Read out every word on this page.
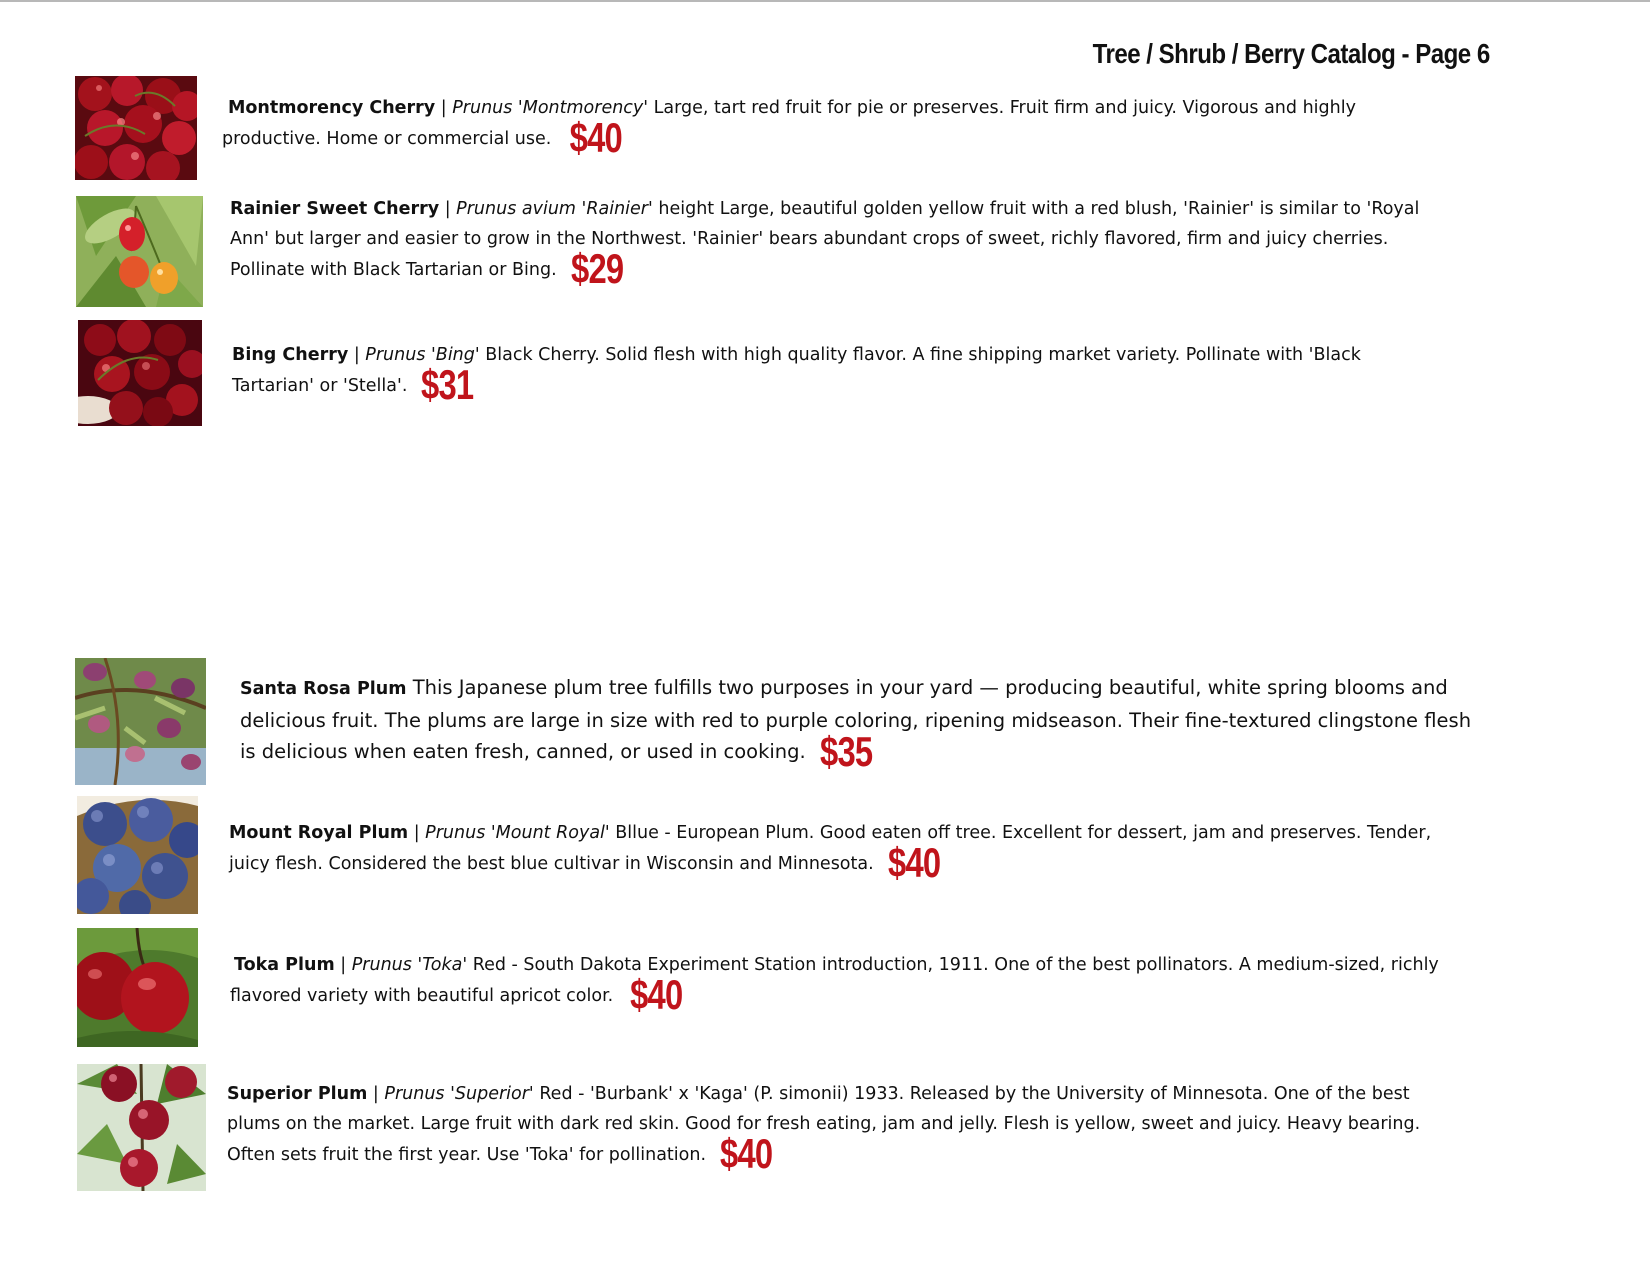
Tree / Shrub / Berry Catalog - Page 6
Montmorency Cherry | Prunus 'Montmorency' Large, tart red fruit for pie or preserves. Fruit firm and juicy. Vigorous and highly productive. Home or commercial use. $40
Rainier Sweet Cherry | Prunus avium 'Rainier' height Large, beautiful golden yellow fruit with a red blush, 'Rainier' is similar to 'Royal Ann' but larger and easier to grow in the Northwest. 'Rainier' bears abundant crops of sweet, richly flavored, firm and juicy cherries. Pollinate with Black Tartarian or Bing. $29
Bing Cherry | Prunus 'Bing' Black Cherry. Solid flesh with high quality flavor. A fine shipping market variety. Pollinate with 'Black Tartarian' or 'Stella'. $31
Santa Rosa Plum This Japanese plum tree fulfills two purposes in your yard — producing beautiful, white spring blooms and delicious fruit. The plums are large in size with red to purple coloring, ripening midseason. Their fine-textured clingstone flesh is delicious when eaten fresh, canned, or used in cooking. $35
Mount Royal Plum | Prunus 'Mount Royal' Bllue - European Plum. Good eaten off tree. Excellent for dessert, jam and preserves. Tender, juicy flesh. Considered the best blue cultivar in Wisconsin and Minnesota. $40
Toka Plum | Prunus 'Toka' Red - South Dakota Experiment Station introduction, 1911. One of the best pollinators. A medium-sized, richly flavored variety with beautiful apricot color. $40
Superior Plum | Prunus 'Superior' Red - 'Burbank' x 'Kaga' (P. simonii) 1933. Released by the University of Minnesota. One of the best plums on the market. Large fruit with dark red skin. Good for fresh eating, jam and jelly. Flesh is yellow, sweet and juicy. Heavy bearing. Often sets fruit the first year. Use 'Toka' for pollination. $40
